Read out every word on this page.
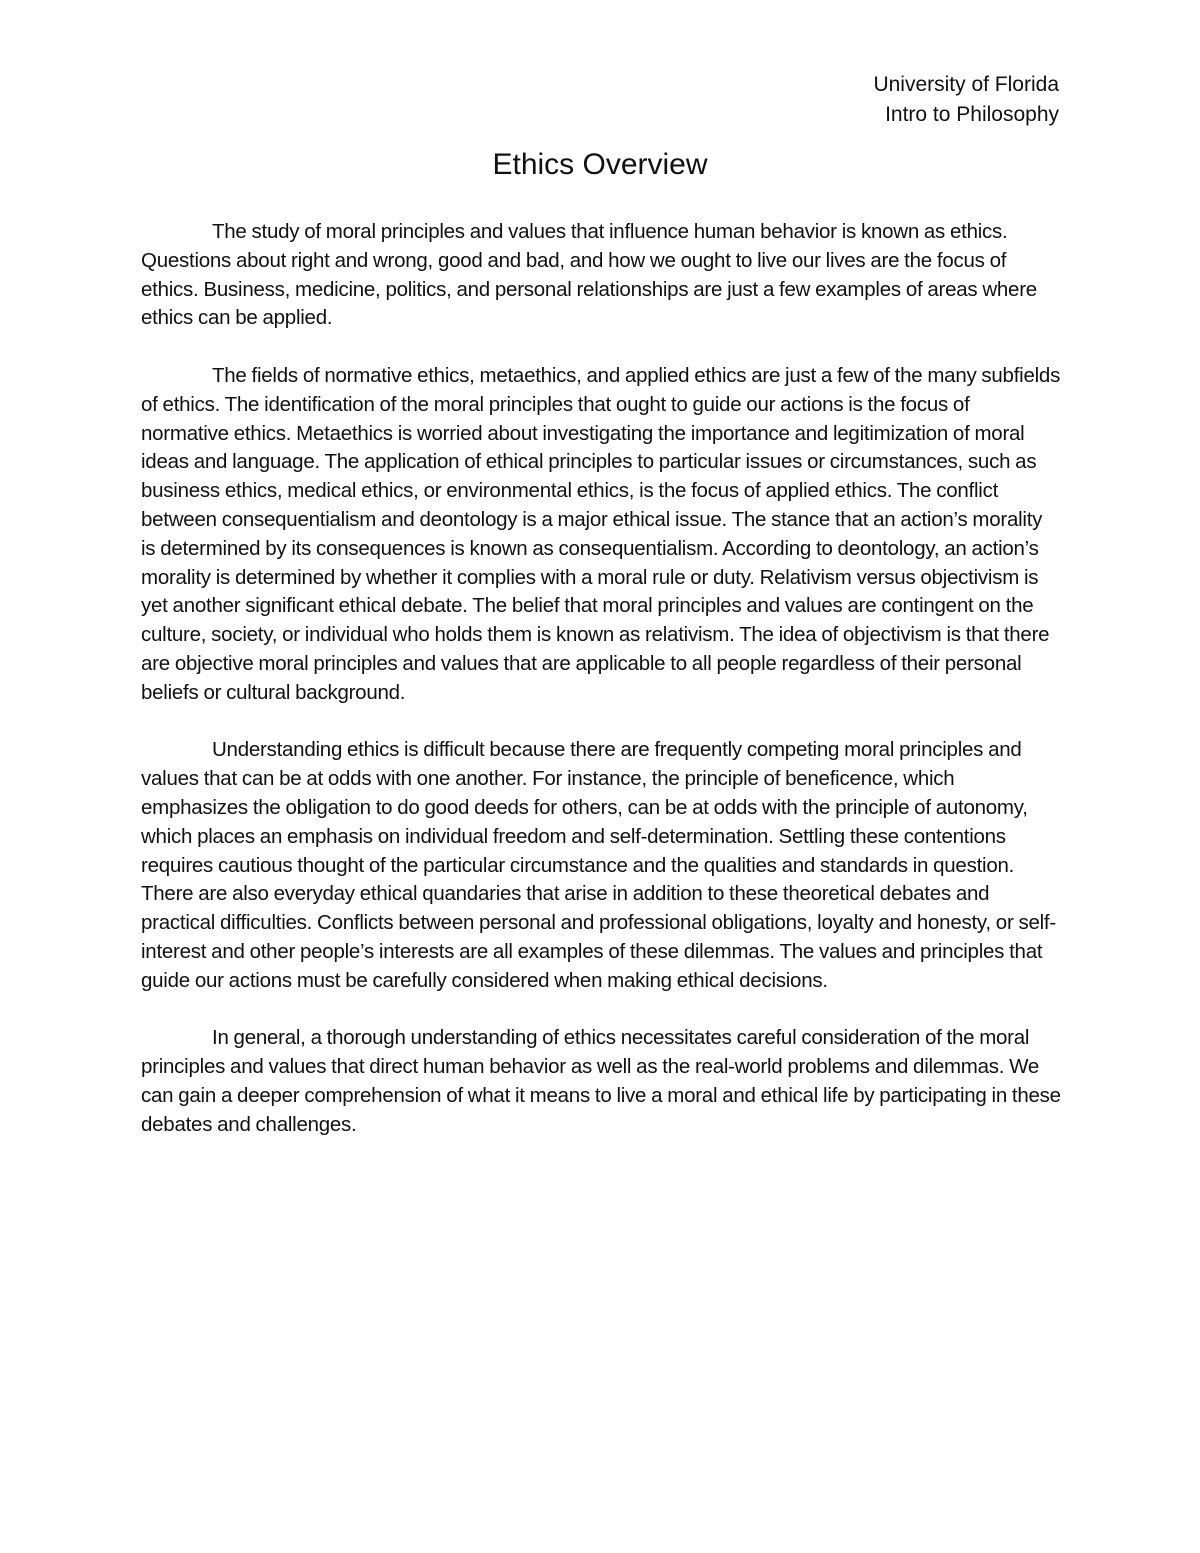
University of Florida
Intro to Philosophy
Ethics Overview

The study of moral principles and values that influence human behavior is known as ethics. Questions about right and wrong, good and bad, and how we ought to live our lives are the focus of ethics. Business, medicine, politics, and personal relationships are just a few examples of areas where ethics can be applied.

The fields of normative ethics, metaethics, and applied ethics are just a few of the many subfields of ethics. The identification of the moral principles that ought to guide our actions is the focus of normative ethics. Metaethics is worried about investigating the importance and legitimization of moral ideas and language. The application of ethical principles to particular issues or circumstances, such as business ethics, medical ethics, or environmental ethics, is the focus of applied ethics. The conflict between consequentialism and deontology is a major ethical issue. The stance that an action’s morality is determined by its consequences is known as consequentialism. According to deontology, an action’s morality is determined by whether it complies with a moral rule or duty. Relativism versus objectivism is yet another significant ethical debate. The belief that moral principles and values are contingent on the culture, society, or individual who holds them is known as relativism. The idea of objectivism is that there are objective moral principles and values that are applicable to all people regardless of their personal beliefs or cultural background.

Understanding ethics is difficult because there are frequently competing moral principles and values that can be at odds with one another. For instance, the principle of beneficence, which emphasizes the obligation to do good deeds for others, can be at odds with the principle of autonomy, which places an emphasis on individual freedom and self-determination. Settling these contentions requires cautious thought of the particular circumstance and the qualities and standards in question. There are also everyday ethical quandaries that arise in addition to these theoretical debates and practical difficulties. Conflicts between personal and professional obligations, loyalty and honesty, or self-interest and other people’s interests are all examples of these dilemmas. The values and principles that guide our actions must be carefully considered when making ethical decisions.

In general, a thorough understanding of ethics necessitates careful consideration of the moral principles and values that direct human behavior as well as the real-world problems and dilemmas. We can gain a deeper comprehension of what it means to live a moral and ethical life by participating in these debates and challenges.
